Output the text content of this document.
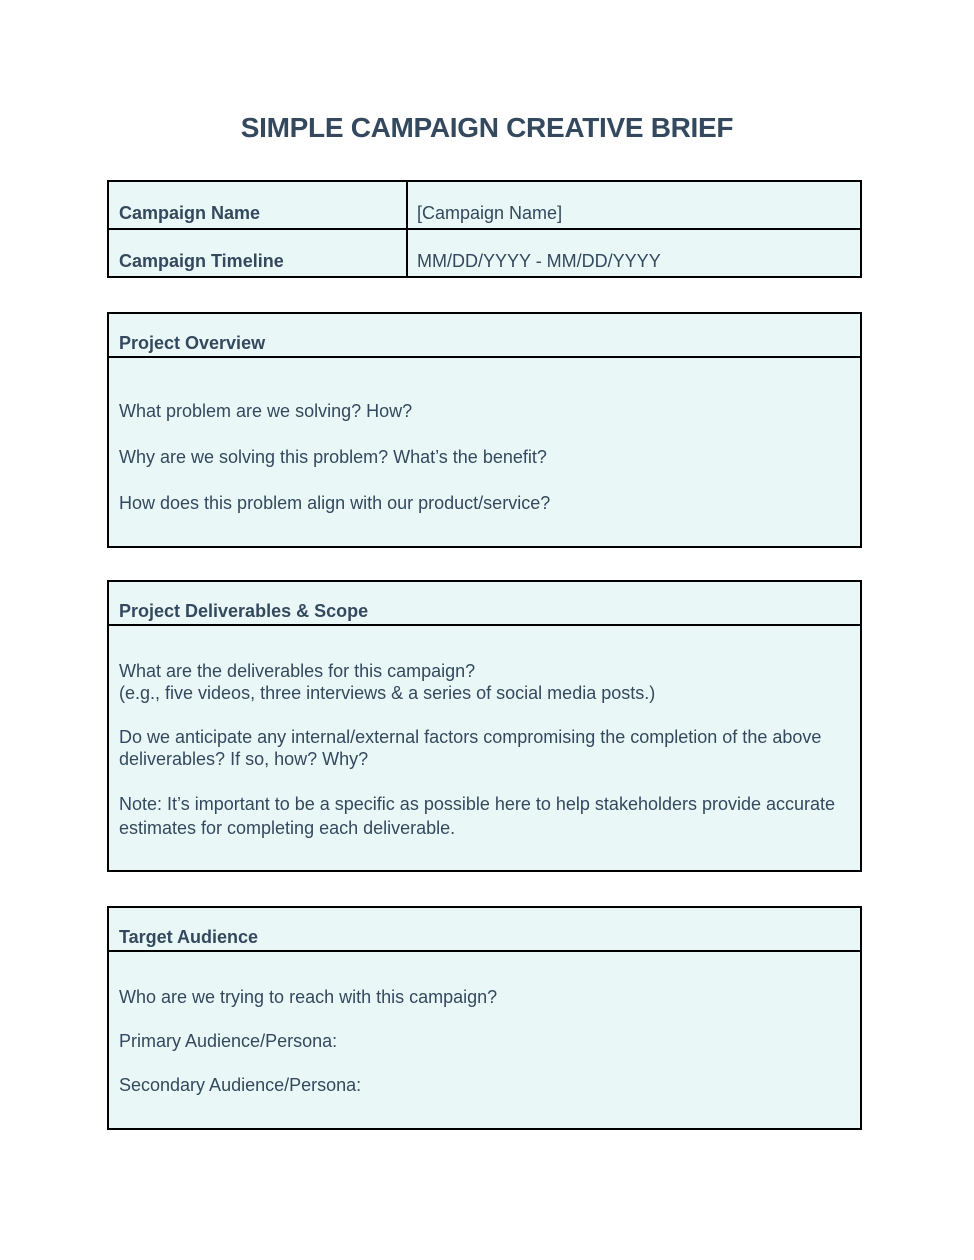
SIMPLE CAMPAIGN CREATIVE BRIEF
Campaign Name	[Campaign Name]
Campaign Timeline	MM/DD/YYYY - MM/DD/YYYY
Project Overview

What problem are we solving? How?

Why are we solving this problem? What’s the benefit?

How does this problem align with our product/service?

Project Deliverables & Scope

What are the deliverables for this campaign?
(e.g., five videos, three interviews & a series of social media posts.)

Do we anticipate any internal/external factors compromising the completion of the above deliverables? If so, how? Why?

Note: It’s important to be a specific as possible here to help stakeholders provide accurate estimates for completing each deliverable.

Target Audience

Who are we trying to reach with this campaign?

Primary Audience/Persona:

Secondary Audience/Persona:
